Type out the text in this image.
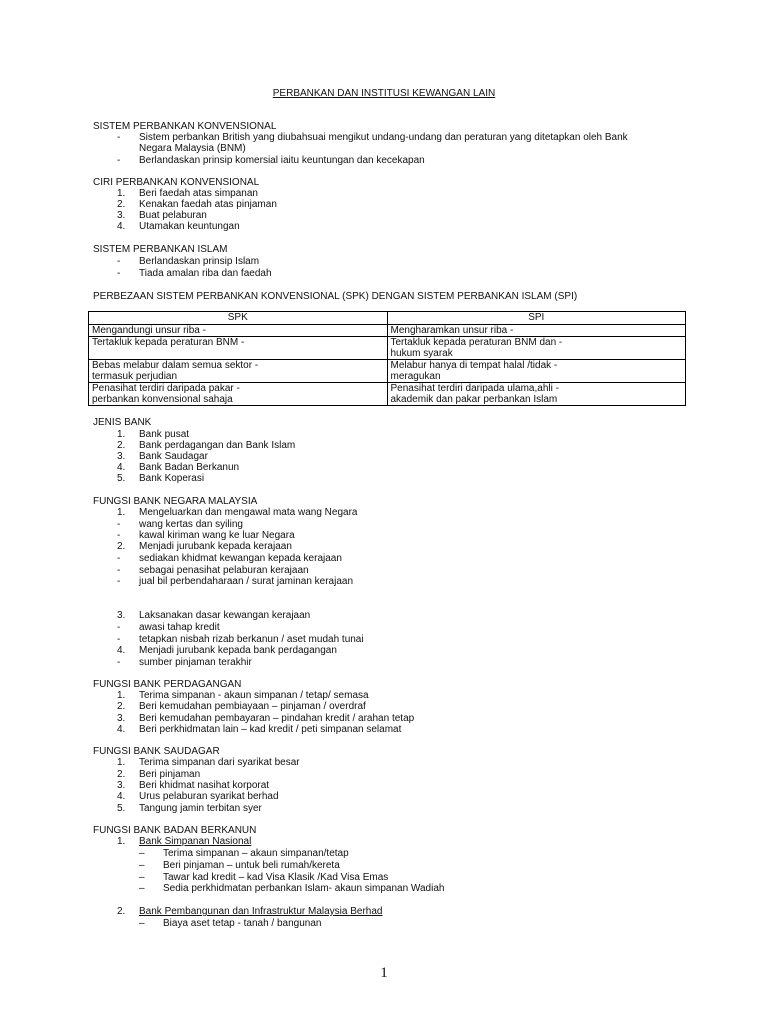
PERBANKAN DAN INSTITUSI KEWANGAN LAIN
SISTEM PERBANKAN KONVENSIONAL
- Sistem perbankan British yang diubahsuai mengikut undang-undang dan peraturan yang ditetapkan oleh Bank
Negara Malaysia (BNM)
- Berlandaskan prinsip komersial iaitu keuntungan dan kecekapan
CIRI PERBANKAN KONVENSIONAL
1. Beri faedah atas simpanan
2. Kenakan faedah atas pinjaman
3. Buat pelaburan
4. Utamakan keuntungan
SISTEM PERBANKAN ISLAM
- Berlandaskan prinsip Islam
- Tiada amalan riba dan faedah
PERBEZAAN SISTEM PERBANKAN KONVENSIONAL (SPK) DENGAN SISTEM PERBANKAN ISLAM (SPI)
SPK	SPI
Mengandungi unsur riba -	Mengharamkan unsur riba -
Tertakluk kepada peraturan BNM -	Tertakluk kepada peraturan BNM dan -
hukum syarak
Bebas melabur dalam semua sektor -
termasuk perjudian	Melabur hanya di tempat halal /tidak -
meragukan
Penasihat terdiri daripada pakar -
perbankan konvensional sahaja	Penasihat terdiri daripada ulama,ahli -
akademik dan pakar perbankan Islam
JENIS BANK
1. Bank pusat
2. Bank perdagangan dan Bank Islam
3. Bank Saudagar
4. Bank Badan Berkanun
5. Bank Koperasi
FUNGSI BANK NEGARA MALAYSIA
1. Mengeluarkan dan mengawal mata wang Negara
- wang kertas dan syiling
- kawal kiriman wang ke luar Negara
2. Menjadi jurubank kepada kerajaan
- sediakan khidmat kewangan kepada kerajaan
- sebagai penasihat pelaburan kerajaan
- jual bil perbendaharaan / surat jaminan kerajaan
3. Laksanakan dasar kewangan kerajaan
- awasi tahap kredit
- tetapkan nisbah rizab berkanun / aset mudah tunai
4. Menjadi jurubank kepada bank perdagangan
- sumber pinjaman terakhir
FUNGSI BANK PERDAGANGAN
1. Terima simpanan - akaun simpanan / tetap/ semasa
2. Beri kemudahan pembiayaan – pinjaman / overdraf
3. Beri kemudahan pembayaran – pindahan kredit / arahan tetap
4. Beri perkhidmatan lain – kad kredit / peti simpanan selamat
FUNGSI BANK SAUDAGAR
1. Terima simpanan dari syarikat besar
2. Beri pinjaman
3. Beri khidmat nasihat korporat
4. Urus pelaburan syarikat berhad
5. Tangung jamin terbitan syer
FUNGSI BANK BADAN BERKANUN
1. Bank Simpanan Nasional
– Terima simpanan – akaun simpanan/tetap
– Beri pinjaman – untuk beli rumah/kereta
– Tawar kad kredit – kad Visa Klasik /Kad Visa Emas
– Sedia perkhidmatan perbankan Islam- akaun simpanan Wadiah
2. Bank Pembangunan dan Infrastruktur Malaysia Berhad
– Biaya aset tetap - tanah / bangunan
1
